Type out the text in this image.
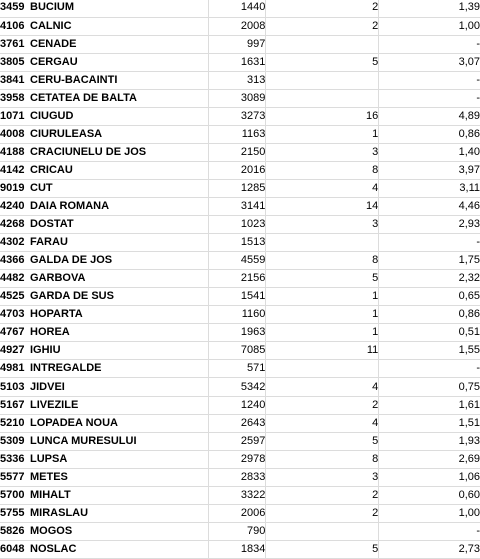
3459 BUCIUM	1440	2	1,39
4106 CALNIC	2008	2	1,00
3761 CENADE	997		-
3805 CERGAU	1631	5	3,07
3841 CERU-BACAINTI	313		-
3958 CETATEA DE BALTA	3089		-
1071 CIUGUD	3273	16	4,89
4008 CIURULEASA	1163	1	0,86
4188 CRACIUNELU DE JOS	2150	3	1,40
4142 CRICAU	2016	8	3,97
9019 CUT	1285	4	3,11
4240 DAIA ROMANA	3141	14	4,46
4268 DOSTAT	1023	3	2,93
4302 FARAU	1513		-
4366 GALDA DE JOS	4559	8	1,75
4482 GARBOVA	2156	5	2,32
4525 GARDA DE SUS	1541	1	0,65
4703 HOPARTA	1160	1	0,86
4767 HOREA	1963	1	0,51
4927 IGHIU	7085	11	1,55
4981 INTREGALDE	571		-
5103 JIDVEI	5342	4	0,75
5167 LIVEZILE	1240	2	1,61
5210 LOPADEA NOUA	2643	4	1,51
5309 LUNCA MURESULUI	2597	5	1,93
5336 LUPSA	2978	8	2,69
5577 METES	2833	3	1,06
5700 MIHALT	3322	2	0,60
5755 MIRASLAU	2006	2	1,00
5826 MOGOS	790		-
6048 NOSLAC	1834	5	2,73
